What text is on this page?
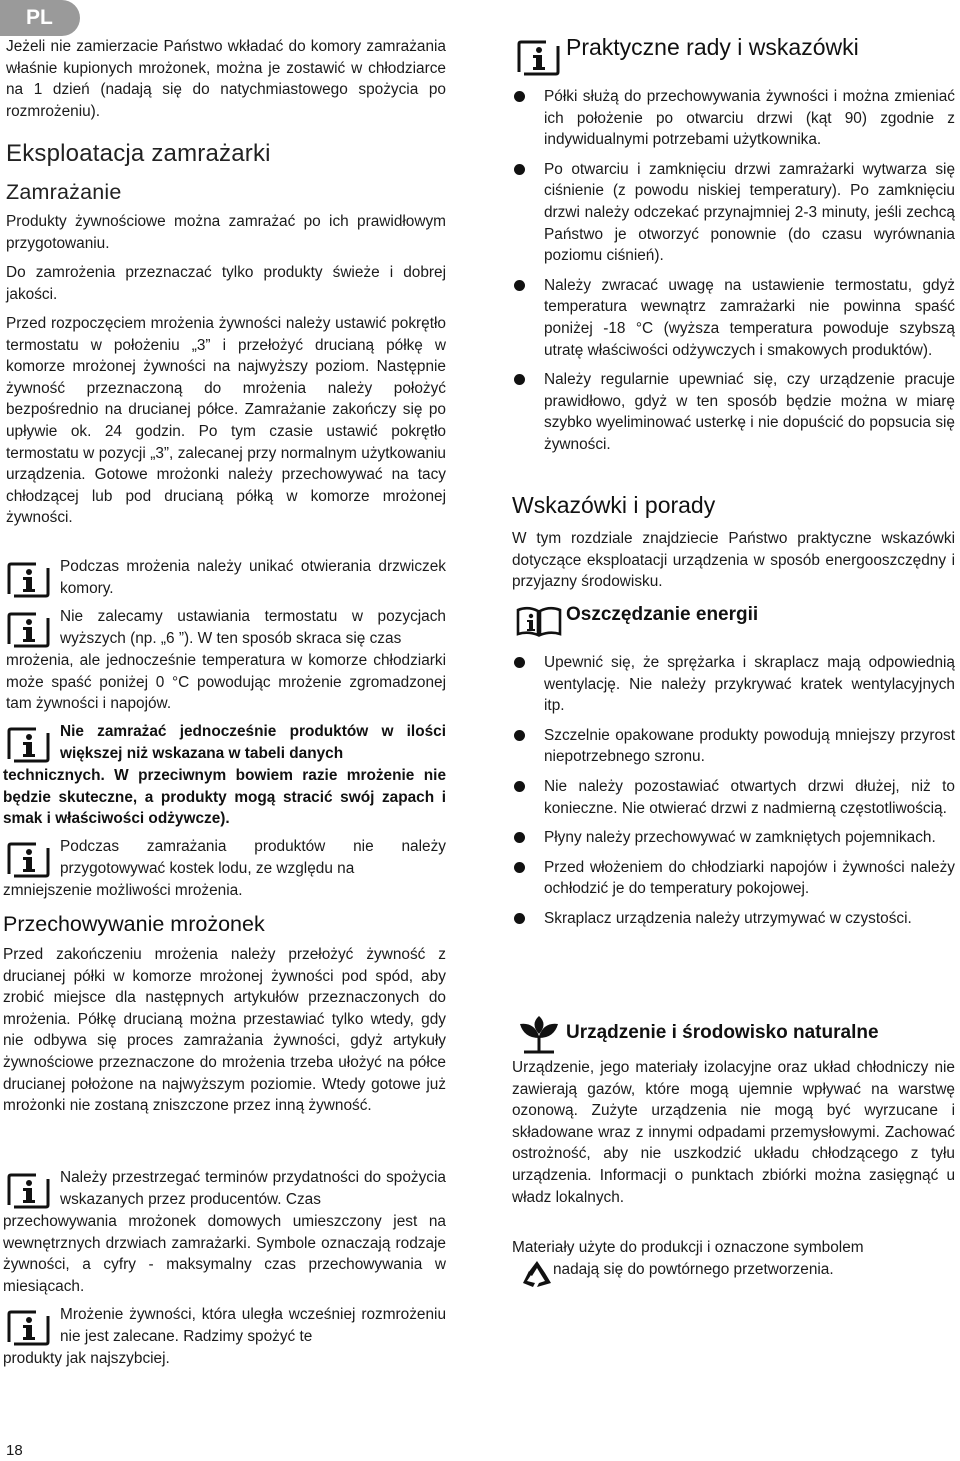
PL

Jeżeli nie zamierzacie Państwo wkładać do komory zamrażania właśnie kupionych mrożonek, można je zostawić w chłodziarce na 1 dzień (nadają się do natychmiastowego spożycia po rozmrożeniu).

Eksploatacja zamrażarki
Zamrażanie

Produkty żywnościowe można zamrażać po ich prawidłowym przygotowaniu.

Do zamrożenia przeznaczać tylko produkty świeże i dobrej jakości.

Przed rozpoczęciem mrożenia żywności należy ustawić pokrętło termostatu w położeniu „3” i przełożyć drucianą półkę w komorze mrożonej żywności na najwyższy poziom. Następnie żywność przeznaczoną do mrożenia należy położyć bezpośrednio na drucianej półce. Zamrażanie zakończy się po upływie ok. 24 godzin. Po tym czasie ustawić pokrętło termostatu w pozycji „3”, zalecanej przy normalnym użytkowaniu urządzenia. Gotowe mrożonki należy przechowywać na tacy chłodzącej lub pod drucianą półką w komorze mrożonej żywności.

Podczas mrożenia należy unikać otwierania drzwiczek komory.

Nie zalecamy ustawiania termostatu w pozycjach wyższych (np. „6 ”). W ten sposób skraca się czas

mrożenia, ale jednocześnie temperatura w komorze chłodziarki może spaść poniżej 0 °C powodując mrożenie zgromadzonej tam żywności i napojów.

Nie zamrażać jednocześnie produktów w ilości większej niż wskazana w tabeli danych

technicznych. W przeciwnym bowiem razie mrożenie nie będzie skuteczne, a produkty mogą stracić swój zapach i smak i właściwości odżywcze).

Podczas zamrażania produktów nie należy przygotowywać kostek lodu, ze względu na

zmniejszenie możliwości mrożenia.

Przechowywanie mrożonek

Przed zakończeniu mrożenia należy przełożyć żywność z drucianej półki w komorze mrożonej żywności pod spód, aby zrobić miejsce dla następnych artykułów przeznaczonych do mrożenia. Półkę drucianą można przestawiać tylko wtedy, gdy nie odbywa się proces zamrażania żywności, gdyż artykuły żywnościowe przeznaczone do mrożenia trzeba ułożyć na półce drucianej położone na najwyższym poziomie. Wtedy gotowe już mrożonki nie zostaną zniszczone przez inną żywność.

Należy przestrzegać terminów przydatności do spożycia wskazanych przez producentów. Czas

przechowywania mrożonek domowych umieszczony jest na wewnętrznych drzwiach zamrażarki. Symbole oznaczają rodzaje żywności, a cyfry - maksymalny czas przechowywania w miesiącach.

Mrożenie żywności, która uległa wcześniej rozmrożeniu nie jest zalecane. Radzimy spożyć te

produkty jak najszybciej.

Praktyczne rady i wskazówki
Półki służą do przechowywania żywności i można zmieniać ich położenie po otwarciu drzwi (kąt 90) zgodnie z indywidualnymi potrzebami użytkownika.
Po otwarciu i zamknięciu drzwi zamrażarki wytwarza się ciśnienie (z powodu niskiej temperatury). Po zamknięciu drzwi należy odczekać przynajmniej 2-3 minuty, jeśli zechcą Państwo je otworzyć ponownie (do czasu wyrównania poziomu ciśnień).
Należy zwracać uwagę na ustawienie termostatu, gdyż temperatura wewnątrz zamrażarki nie powinna spaść poniżej -18 °C (wyższa temperatura powoduje szybszą utratę właściwości odżywczych i smakowych produktów).
Należy regularnie upewniać się, czy urządzenie pracuje prawidłowo, gdyż w ten sposób będzie można w miarę szybko wyeliminować usterkę i nie dopuścić do popsucia się żywności.
Wskazówki i porady

W tym rozdziale znajdziecie Państwo praktyczne wskazówki dotyczące eksploatacji urządzenia w sposób energooszczędny i przyjazny środowisku.

Oszczędzanie energii
Upewnić się, że sprężarka i skraplacz mają odpowiednią wentylację. Nie należy przykrywać kratek wentylacyjnych itp.
Szczelnie opakowane produkty powodują mniejszy przyrost niepotrzebnego szronu.
Nie należy pozostawiać otwartych drzwi dłużej, niż to konieczne. Nie otwierać drzwi z nadmierną częstotliwością.
Płyny należy przechowywać w zamkniętych pojemnikach.
Przed włożeniem do chłodziarki napojów i żywności należy ochłodzić je do temperatury pokojowej.
Skraplacz urządzenia należy utrzymywać w czystości.
Urządzenie i środowisko naturalne

Urządzenie, jego materiały izolacyjne oraz układ chłodniczy nie zawierają gazów, które mogą ujemnie wpływać na warstwę ozonową. Zużyte urządzenia nie mogą być wyrzucane i składowane wraz z innymi odpadami przemysłowymi. Zachować ostrożność, aby nie uszkodzić układu chłodzącego z tyłu urządzenia. Informacji o punktach zbiórki można zasięgnąć u władz lokalnych.

Materiały użyte do produkcji i oznaczone symbolem

nadają się do powtórnego przetworzenia.

18
